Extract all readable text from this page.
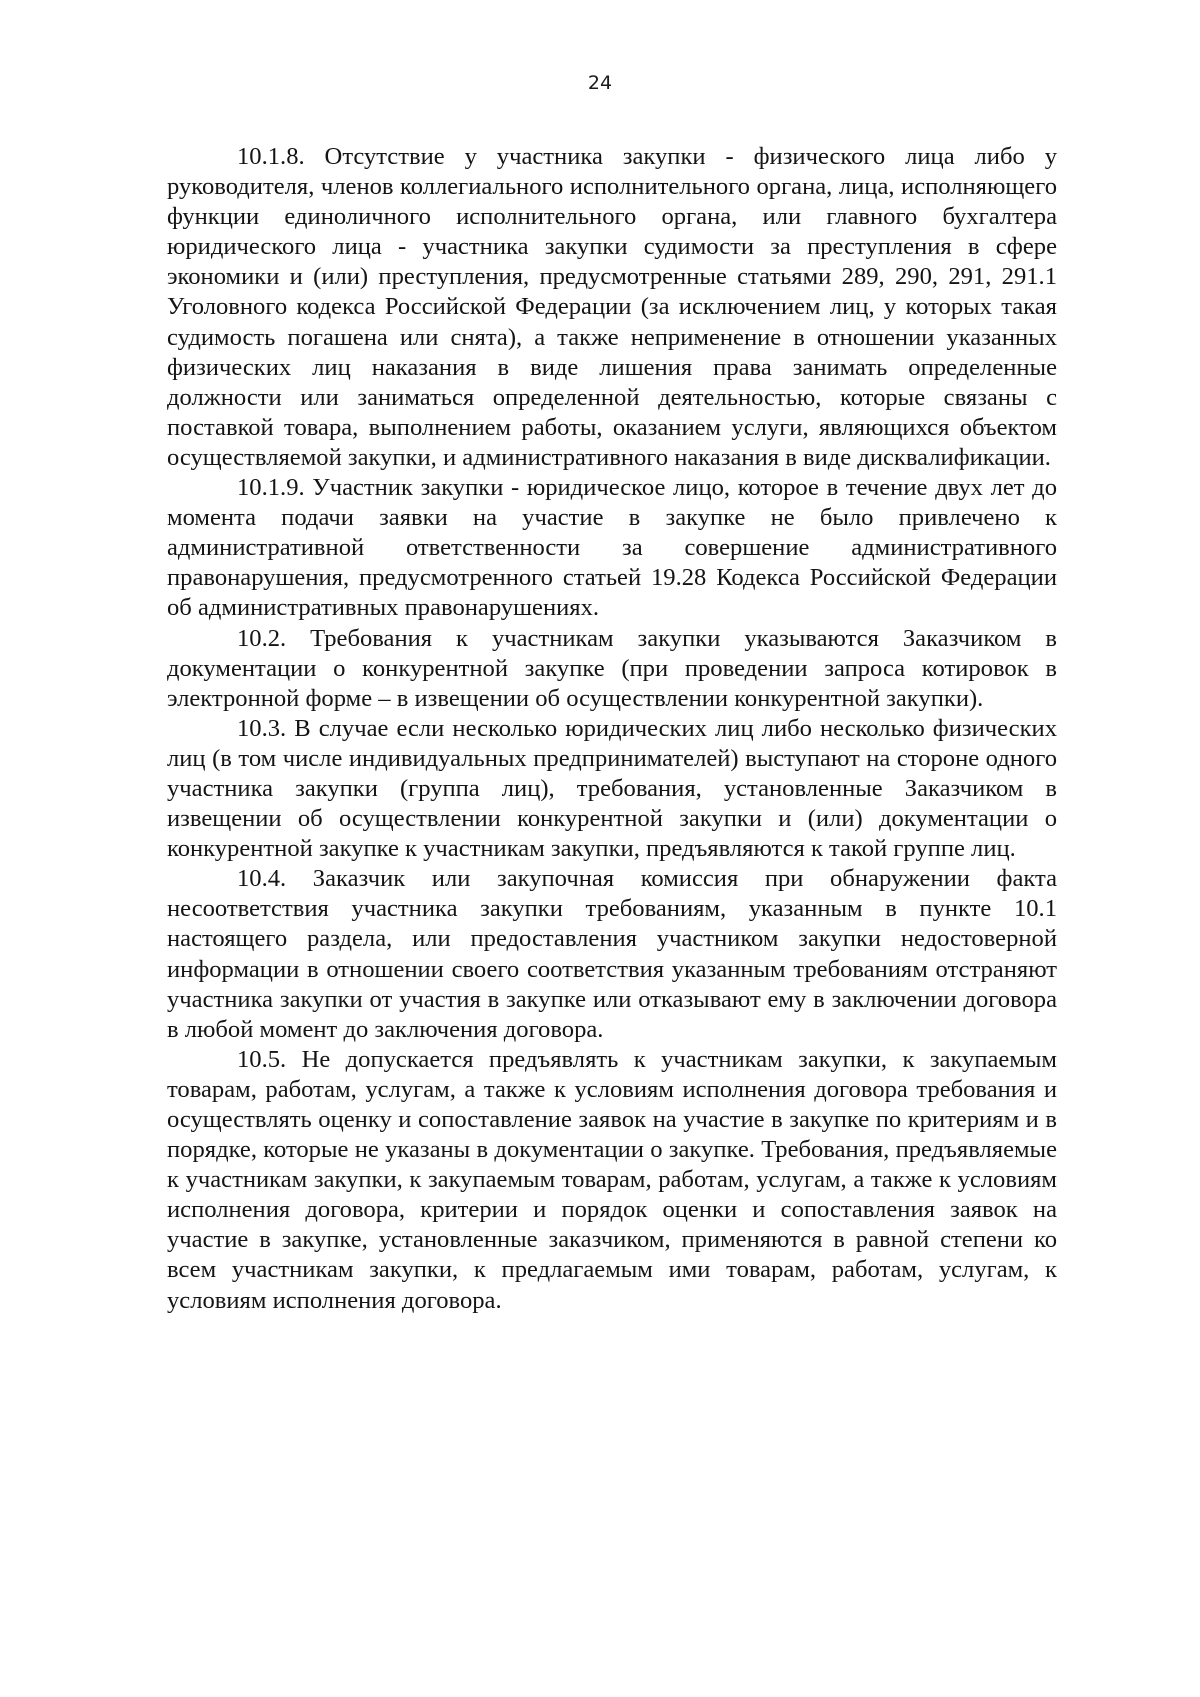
24

10.1.8. Отсутствие у участника закупки - физического лица либо у руководителя, членов коллегиального исполнительного органа, лица, исполняющего функции единоличного исполнительного органа, или главного бухгалтера юридического лица - участника закупки судимости за преступления в сфере экономики и (или) преступления, предусмотренные статьями 289, 290, 291, 291.1 Уголовного кодекса Российской Федерации (за исключением лиц, у которых такая судимость погашена или снята), а также неприменение в отношении указанных физических лиц наказания в виде лишения права занимать определенные должности или заниматься определенной деятельностью, которые связаны с поставкой товара, выполнением работы, оказанием услуги, являющихся объектом осуществляемой закупки, и административного наказания в виде дисквалификации.

10.1.9. Участник закупки - юридическое лицо, которое в течение двух лет до момента подачи заявки на участие в закупке не было привлечено к административной ответственности за совершение административного правонарушения, предусмотренного статьей 19.28 Кодекса Российской Федерации об административных правонарушениях.

10.2. Требования к участникам закупки указываются Заказчиком в документации о конкурентной закупке (при проведении запроса котировок в электронной форме – в извещении об осуществлении конкурентной закупки).

10.3. В случае если несколько юридических лиц либо несколько физических лиц (в том числе индивидуальных предпринимателей) выступают на стороне одного участника закупки (группа лиц), требования, установленные Заказчиком в извещении об осуществлении конкурентной закупки и (или) документации о конкурентной закупке к участникам закупки, предъявляются к такой группе лиц.

10.4. Заказчик или закупочная комиссия при обнаружении факта несоответствия участника закупки требованиям, указанным в пункте 10.1 настоящего раздела, или предоставления участником закупки недостоверной информации в отношении своего соответствия указанным требованиям отстраняют участника закупки от участия в закупке или отказывают ему в заключении договора в любой момент до заключения договора.

10.5. Не допускается предъявлять к участникам закупки, к закупаемым товарам, работам, услугам, а также к условиям исполнения договора требования и осуществлять оценку и сопоставление заявок на участие в закупке по критериям и в порядке, которые не указаны в документации о закупке. Требования, предъявляемые к участникам закупки, к закупаемым товарам, работам, услугам, а также к условиям исполнения договора, критерии и порядок оценки и сопоставления заявок на участие в закупке, установленные заказчиком, применяются в равной степени ко всем участникам закупки, к предлагаемым ими товарам, работам, услугам, к условиям исполнения договора.
